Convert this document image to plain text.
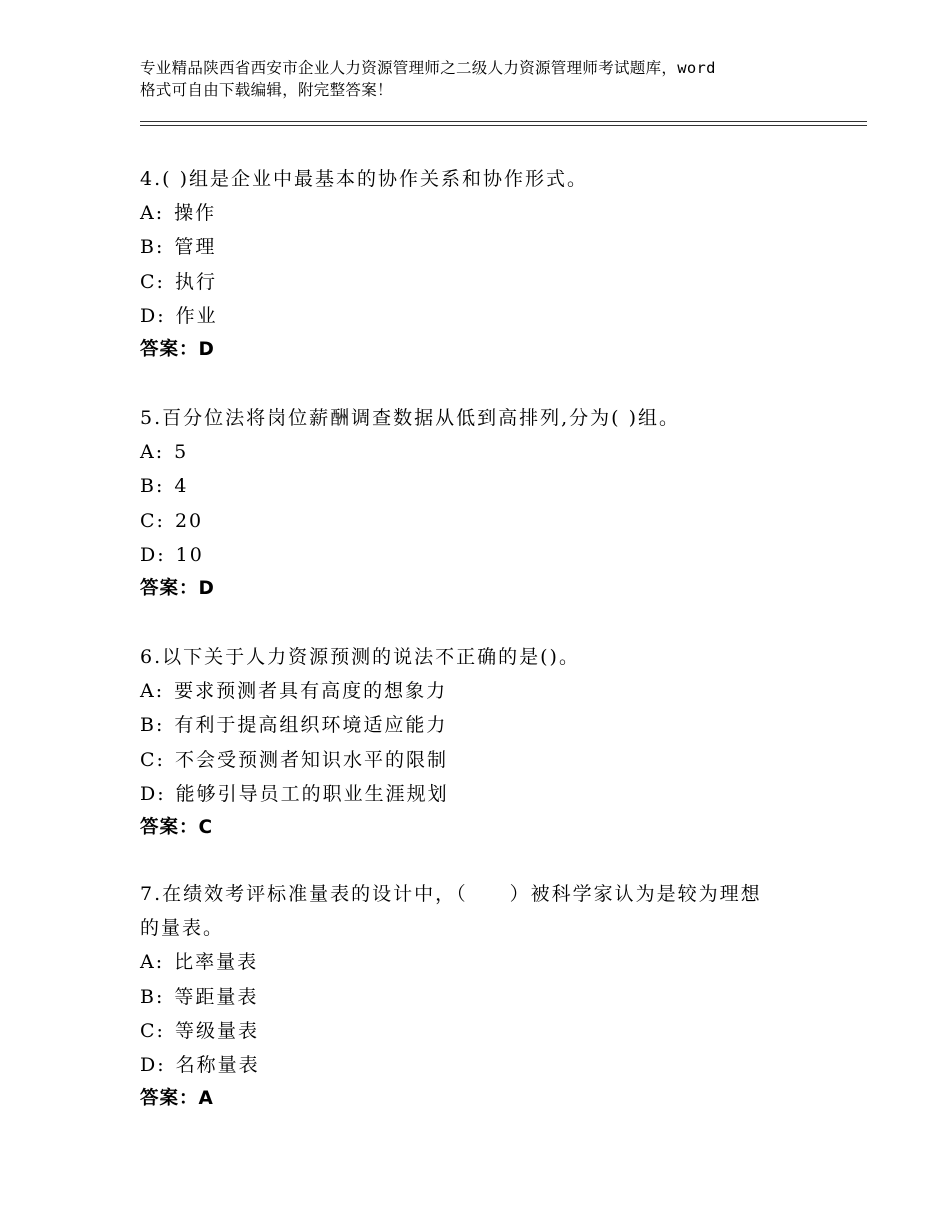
专业精品陕西省西安市企业人力资源管理师之二级人力资源管理师考试题库，word
格式可自由下载编辑，附完整答案！
4.( )组是企业中最基本的协作关系和协作形式。
A: 操作
B: 管理
C: 执行
D: 作业
答案：D
5.百分位法将岗位薪酬调查数据从低到高排列,分为( )组。
A: 5
B: 4
C: 20
D: 10
答案：D
6.以下关于人力资源预测的说法不正确的是()。
A: 要求预测者具有高度的想象力
B: 有利于提高组织环境适应能力
C: 不会受预测者知识水平的限制
D: 能够引导员工的职业生涯规划
答案：C
7.在绩效考评标准量表的设计中，（　　）被科学家认为是较为理想
的量表。
A: 比率量表
B: 等距量表
C: 等级量表
D: 名称量表
答案：A
